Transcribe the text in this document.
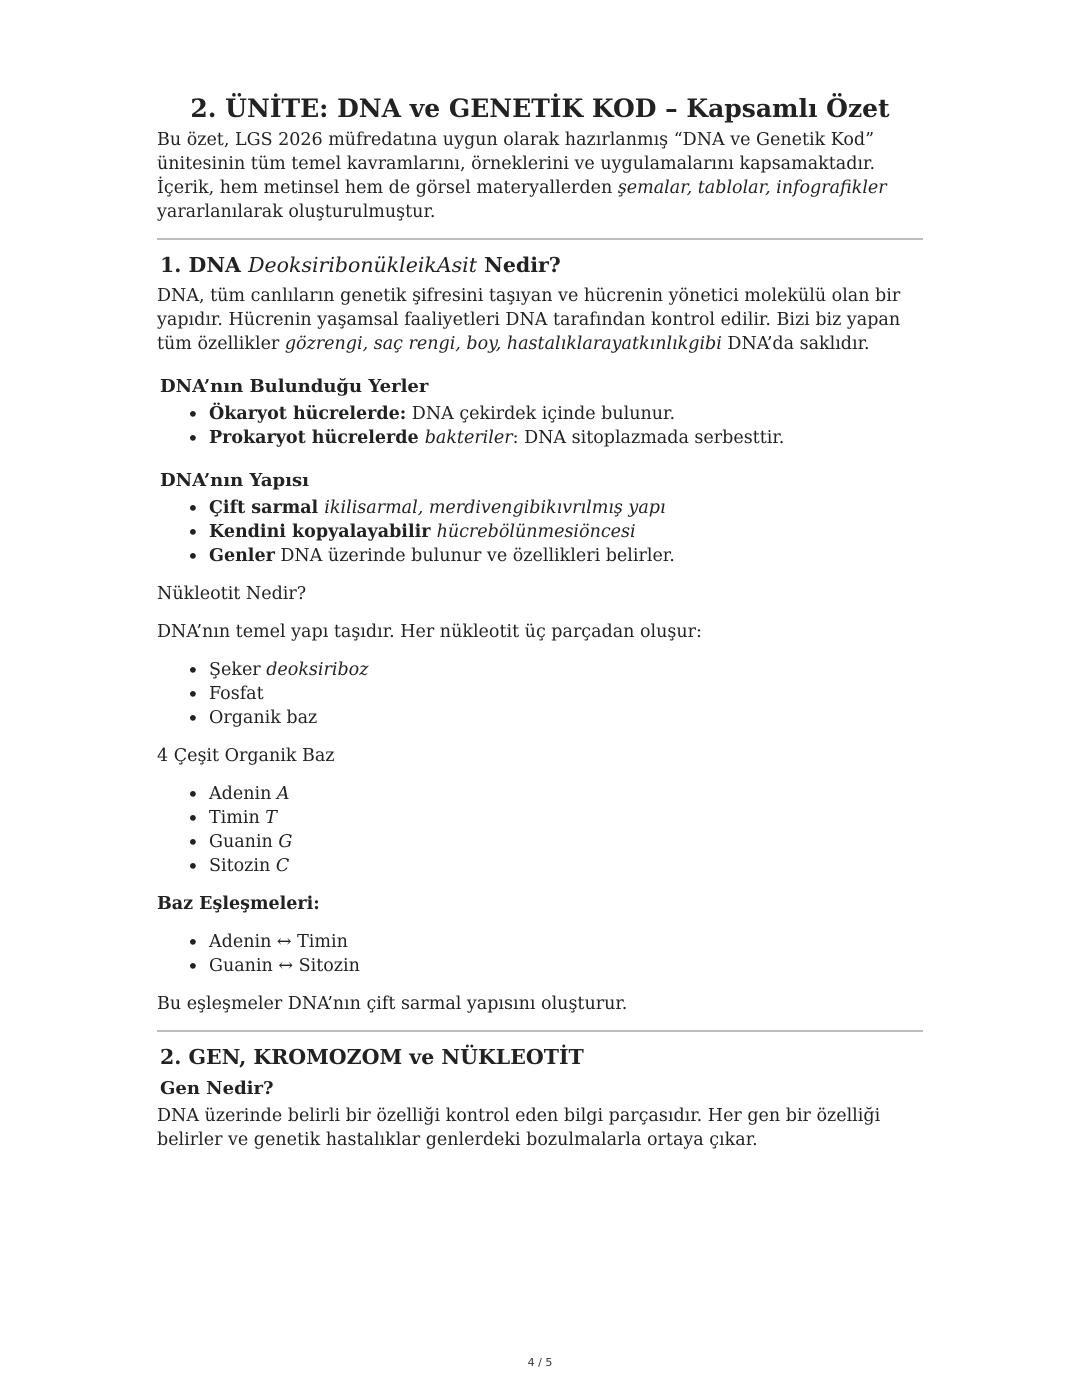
2. ÜNİTE: DNA ve GENETİK KOD – Kapsamlı Özet

Bu özet, LGS 2026 müfredatına uygun olarak hazırlanmış “DNA ve Genetik Kod” ünitesinin tüm temel kavramlarını, örneklerini ve uygulamalarını kapsamaktadır. İçerik, hem metinsel hem de görsel materyallerden şemalar, tablolar, infografikler yararlanılarak oluşturulmuştur.

1. DNA DeoksiribonükleikAsit Nedir?

DNA, tüm canlıların genetik şifresini taşıyan ve hücrenin yönetici molekülü olan bir yapıdır. Hücrenin yaşamsal faaliyetleri DNA tarafından kontrol edilir. Bizi biz yapan tüm özellikler gözrengi, saç rengi, boy, hastalıklarayatkınlıkgibi DNA’da saklıdır.

DNA’nın Bulunduğu Yerler
• Ökaryot hücrelerde: DNA çekirdek içinde bulunur.
• Prokaryot hücrelerde bakteriler: DNA sitoplazmada serbesttir.
DNA’nın Yapısı
• Çift sarmal ikilisarmal, merdivengibikıvrılmış yapı
• Kendini kopyalayabilir hücrebölünmesiöncesi
• Genler DNA üzerinde bulunur ve özellikleri belirler.

Nükleotit Nedir?

DNA’nın temel yapı taşıdır. Her nükleotit üç parçadan oluşur:

• Şeker deoksiriboz
• Fosfat
• Organik baz

4 Çeşit Organik Baz

• Adenin A
• Timin T
• Guanin G
• Sitozin C

Baz Eşleşmeleri:

• Adenin ↔ Timin
• Guanin ↔ Sitozin

Bu eşleşmeler DNA’nın çift sarmal yapısını oluşturur.

2. GEN, KROMOZOM ve NÜKLEOTİT
Gen Nedir?

DNA üzerinde belirli bir özelliği kontrol eden bilgi parçasıdır. Her gen bir özelliği belirler ve genetik hastalıklar genlerdeki bozulmalarla ortaya çıkar.

4 / 5
